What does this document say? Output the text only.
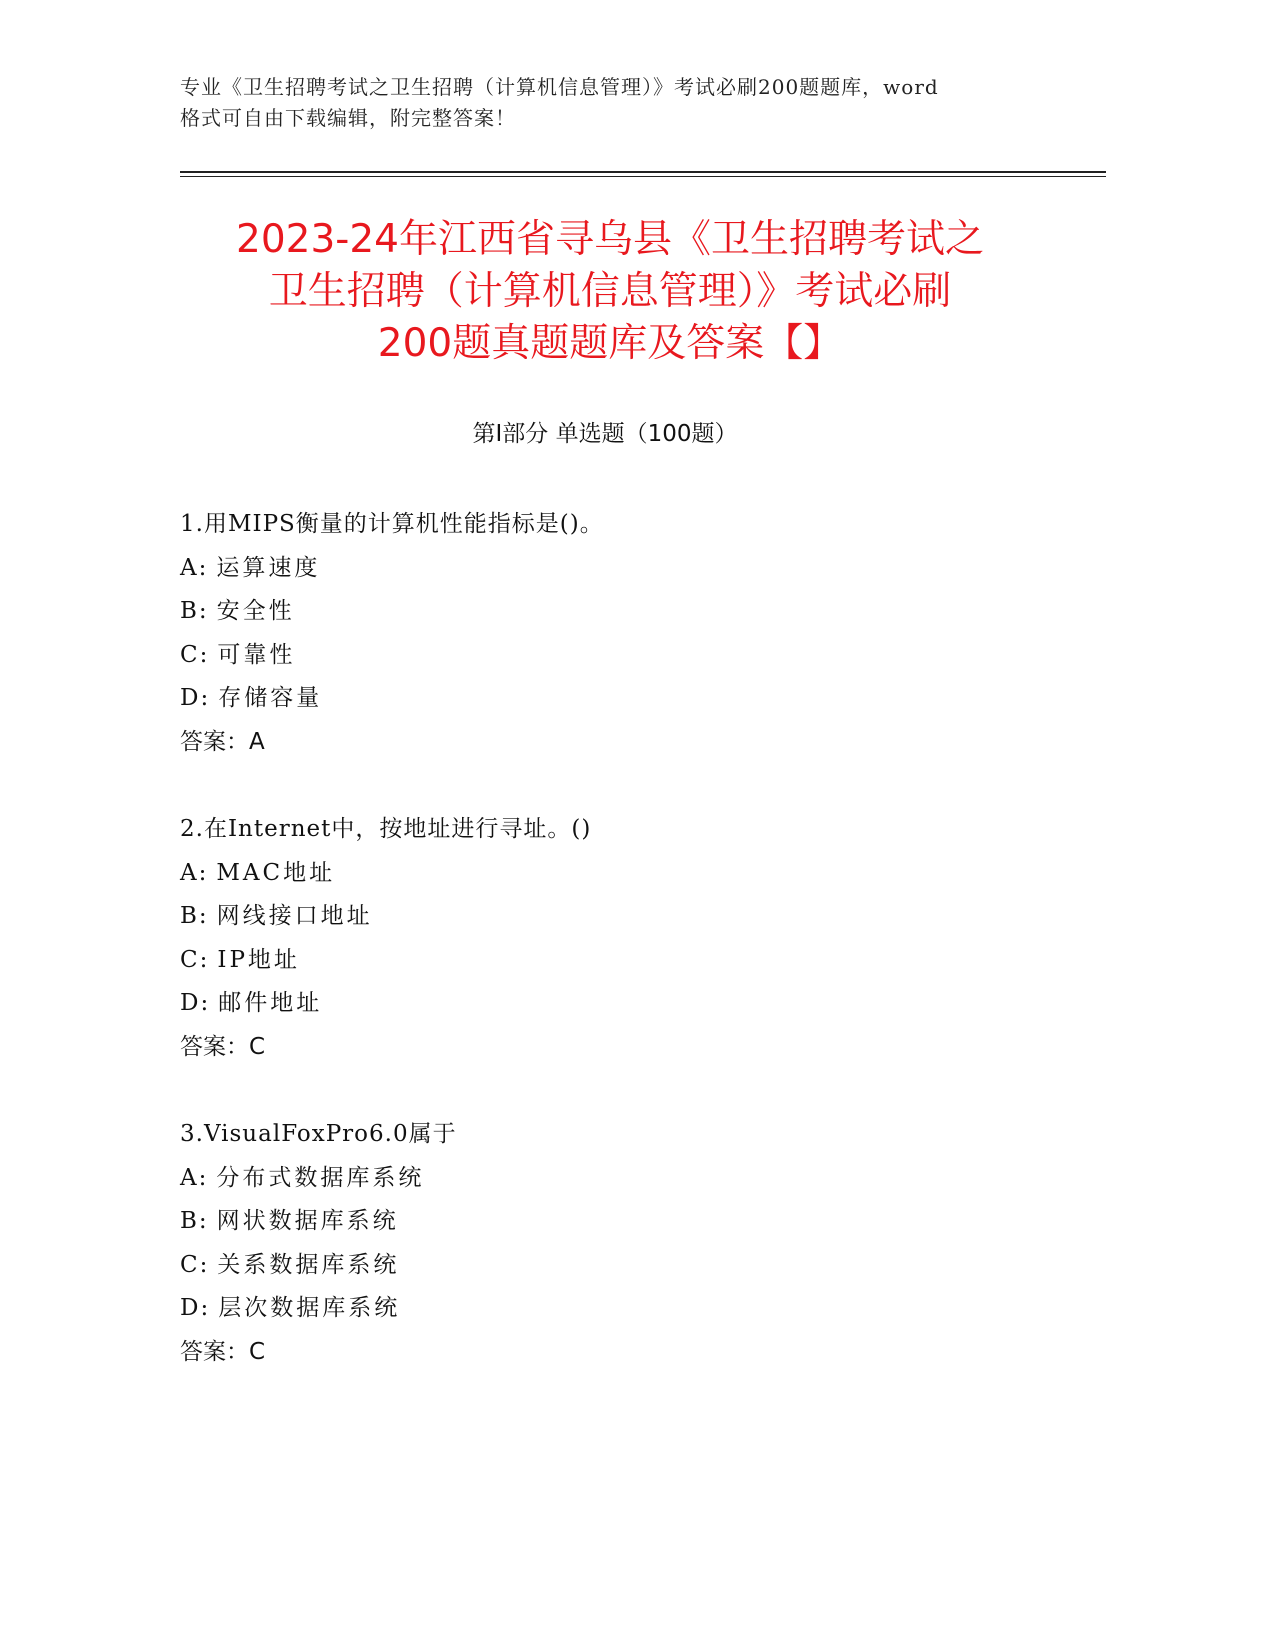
专业《卫生招聘考试之卫生招聘（计算机信息管理）》考试必刷200题题库，word
格式可自由下载编辑，附完整答案！
2023-24年江西省寻乌县《卫生招聘考试之
卫生招聘（计算机信息管理）》考试必刷
200题真题题库及答案【】
第Ⅰ部分 单选题（100题）
1.用MIPS衡量的计算机性能指标是()。
A: 运算速度
B: 安全性
C: 可靠性
D: 存储容量
答案：A
2.在Internet中，按地址进行寻址。()
A: MAC地址
B: 网线接口地址
C: IP地址
D: 邮件地址
答案：C
3.VisualFoxPro6.0属于
A: 分布式数据库系统
B: 网状数据库系统
C: 关系数据库系统
D: 层次数据库系统
答案：C
